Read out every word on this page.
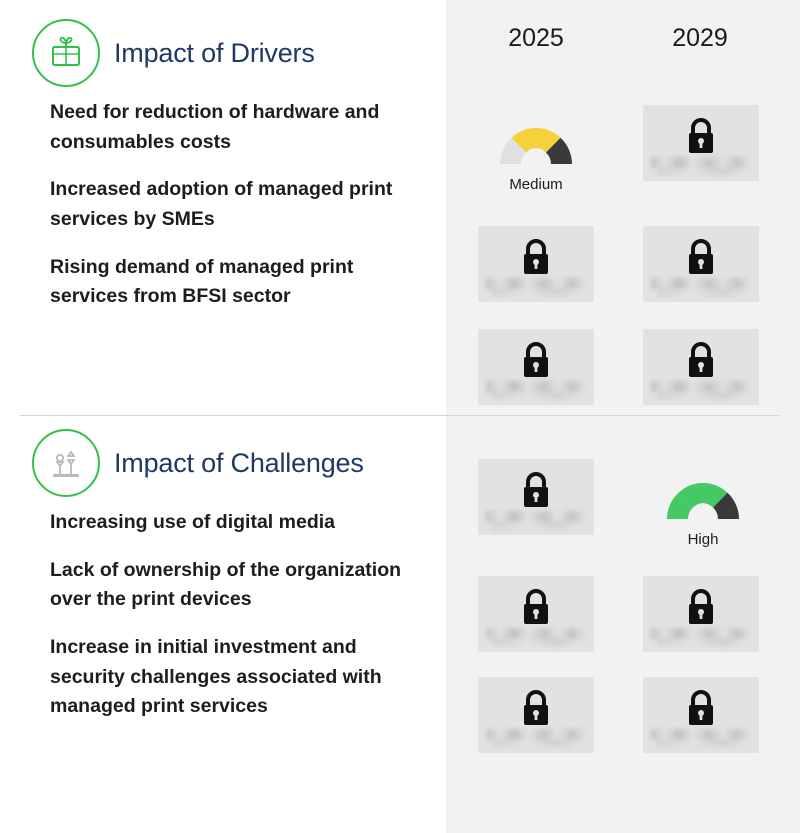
2025	2029
Impact of Drivers
Need for reduction of hardware and consumables costs
Increased adoption of managed print services by SMEs
Rising demand of managed print services from BFSI sector
Medium
Impact of Challenges
Increasing use of digital media
Lack of ownership of the organization over the print devices
Increase in initial investment and security challenges associated with managed print services
High
